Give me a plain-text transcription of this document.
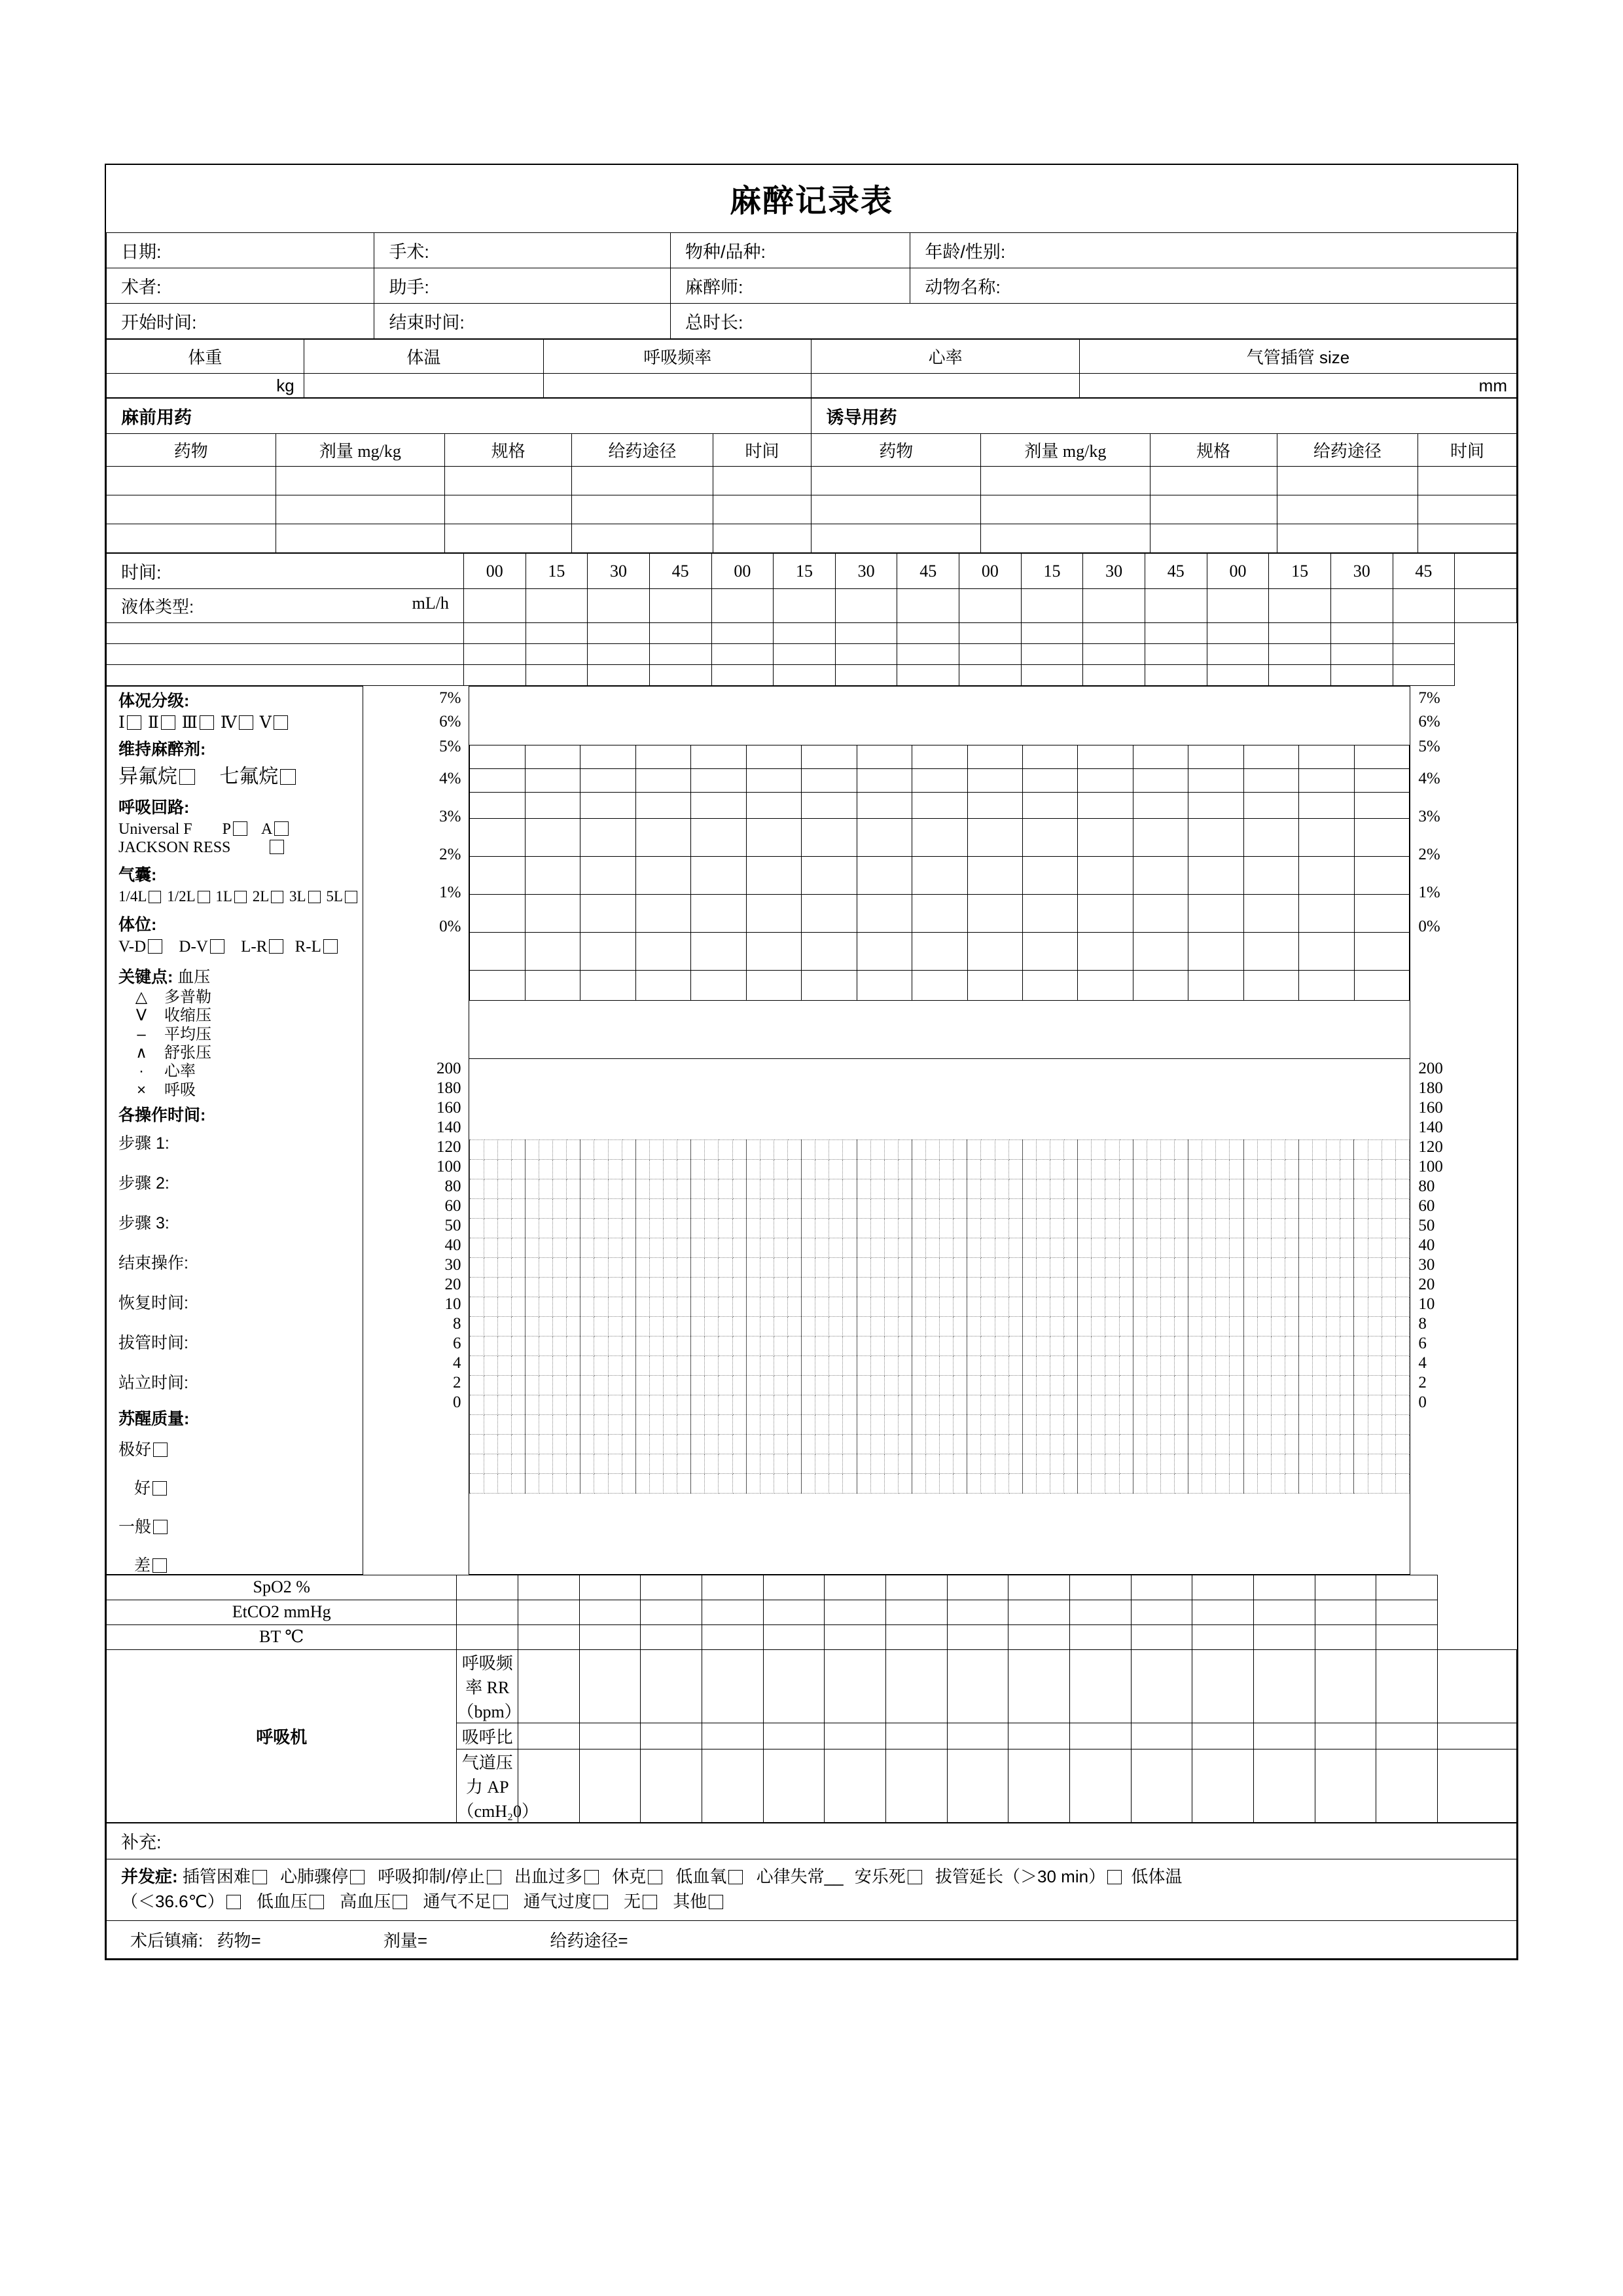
麻醉记录表
日期:	手术:	物种/品种:	年龄/性别:
术者:	助手:	麻醉师:	动物名称:
开始时间:	结束时间:	总时长:	
体重	体温	呼吸频率	心率	气管插管 size
kg				mm
麻前用药					诱导用药				
药物	剂量 mg/kg	规格	给药途径	时间	药物	剂量 mg/kg	规格	给药途径	时间

时间:	00	15	30	45	00	15	30	45	00	15	30	45	00	15	30	45	

液体类型: mL/h																	

体况分级:
Ⅰ Ⅱ Ⅲ Ⅳ Ⅴ
维持麻醉剂:
异氟烷 七氟烷
呼吸回路:
Universal F P A
JACKSON RESS
气囊:
1/4L 1/2L 1L 2L 3L 5L
体位:
V-D D-V L-R R-L
关键点: 血压
△ 多普勒
Ⅴ 收缩压
– 平均压
∧ 舒张压
· 心率
× 呼吸
各操作时间:
步骤 1:
步骤 2:
步骤 3:
结束操作:
恢复时间:
拔管时间:
站立时间:
苏醒质量:
极好
好
一般
差

7%
6%
5%
4%
3%
2%
1%
0%

7%
6%
5%
4%
3%
2%
1%
0%

200
180
160
140
120
100
80
60
50
40
30
20
10
8
6
4
2
0

200
180
160
140
120
100
80
60
50
40
30
20
10
8
6
4
2
0
SpO2 %																	
EtCO2 mmHg																	
BT ℃																	
呼吸机	呼吸频率 RR（bpm）																
	吸呼比																
	气道压力 AP（cmH₂0）																
补充:

并发症: 插管困难 心肺骤停 呼吸抑制/停止 出血过多 休克 低血氧 心律失常__ 安乐死 拔管延长（＞30 min） 低体温
（＜36.6℃） 低血压 高血压 通气不足 通气过度 无 其他

术后镇痛: 药物=	剂量=	给药途径=
